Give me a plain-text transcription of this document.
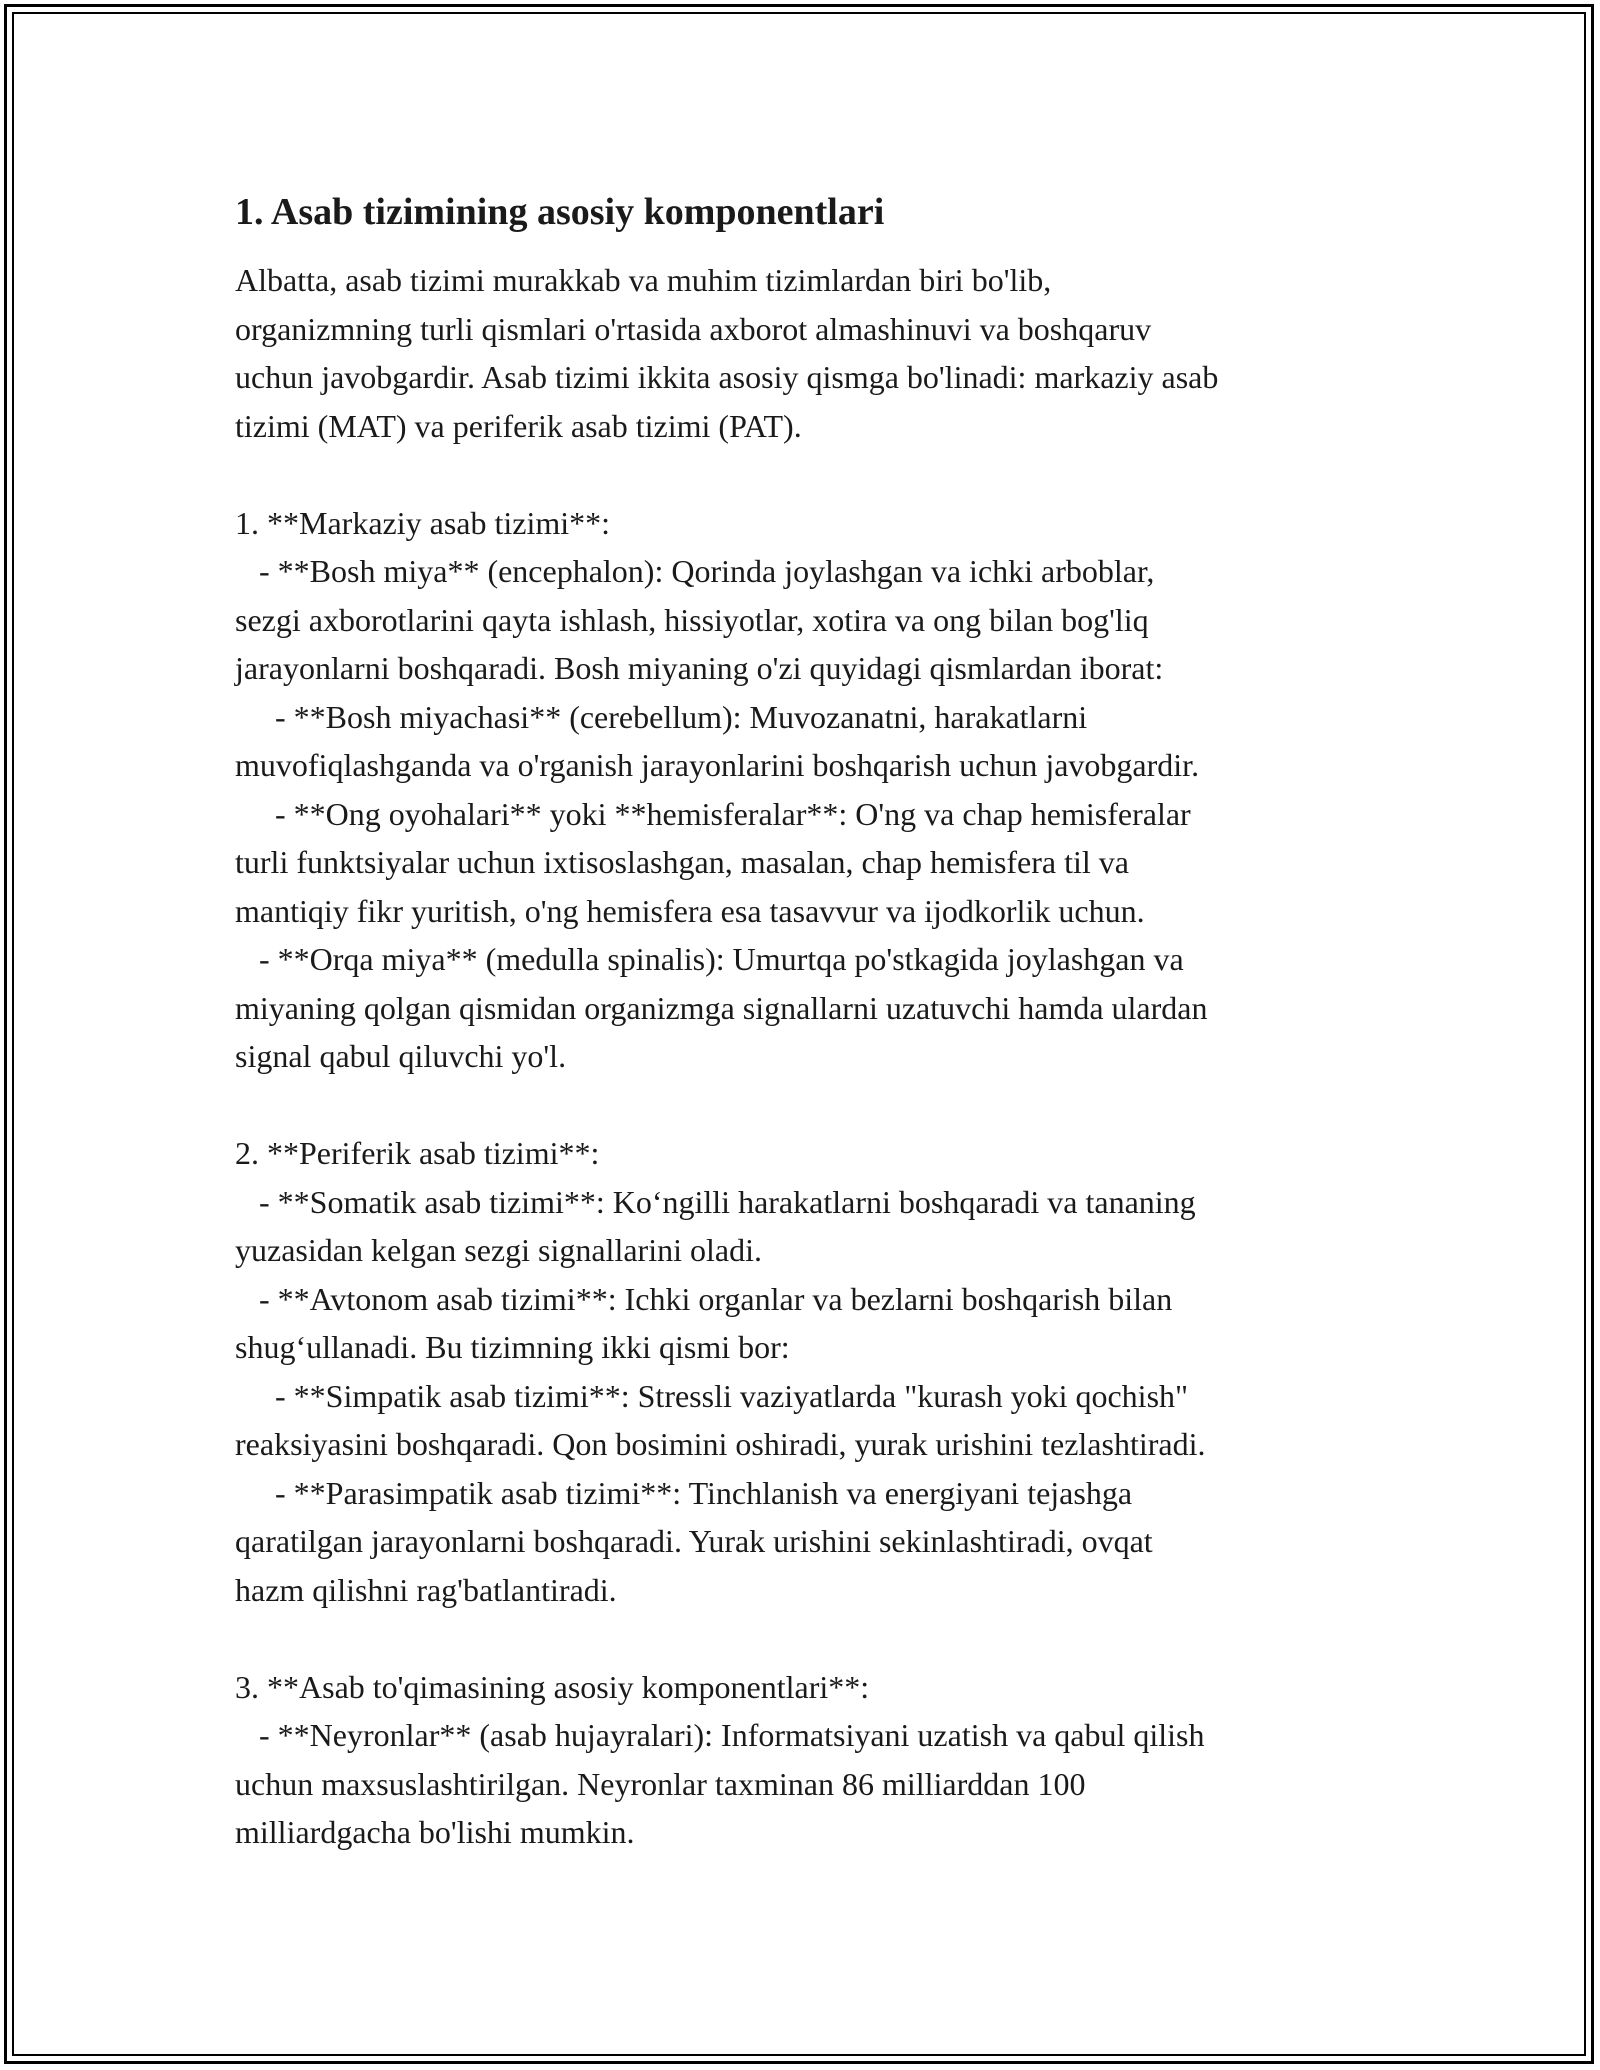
1. Asab tizimining asosiy komponentlari
Albatta, asab tizimi murakkab va muhim tizimlardan biri bo'lib,
organizmning turli qismlari o'rtasida axborot almashinuvi va boshqaruv
uchun javobgardir. Asab tizimi ikkita asosiy qismga bo'linadi: markaziy asab
tizimi (MAT) va periferik asab tizimi (PAT).
1. **Markaziy asab tizimi**:
- **Bosh miya** (encephalon): Qorinda joylashgan va ichki arboblar,
sezgi axborotlarini qayta ishlash, hissiyotlar, xotira va ong bilan bog'liq
jarayonlarni boshqaradi. Bosh miyaning o'zi quyidagi qismlardan iborat:
- **Bosh miyachasi** (cerebellum): Muvozanatni, harakatlarni
muvofiqlashganda va o'rganish jarayonlarini boshqarish uchun javobgardir.
- **Ong oyohalari** yoki **hemisferalar**: O'ng va chap hemisferalar
turli funktsiyalar uchun ixtisoslashgan, masalan, chap hemisfera til va
mantiqiy fikr yuritish, o'ng hemisfera esa tasavvur va ijodkorlik uchun.
- **Orqa miya** (medulla spinalis): Umurtqa po'stkagida joylashgan va
miyaning qolgan qismidan organizmga signallarni uzatuvchi hamda ulardan
signal qabul qiluvchi yo'l.
2. **Periferik asab tizimi**:
- **Somatik asab tizimi**: Ko‘ngilli harakatlarni boshqaradi va tananing
yuzasidan kelgan sezgi signallarini oladi.
- **Avtonom asab tizimi**: Ichki organlar va bezlarni boshqarish bilan
shug‘ullanadi. Bu tizimning ikki qismi bor:
- **Simpatik asab tizimi**: Stressli vaziyatlarda "kurash yoki qochish"
reaksiyasini boshqaradi. Qon bosimini oshiradi, yurak urishini tezlashtiradi.
- **Parasimpatik asab tizimi**: Tinchlanish va energiyani tejashga
qaratilgan jarayonlarni boshqaradi. Yurak urishini sekinlashtiradi, ovqat
hazm qilishni rag'batlantiradi.
3. **Asab to'qimasining asosiy komponentlari**:
- **Neyronlar** (asab hujayralari): Informatsiyani uzatish va qabul qilish
uchun maxsuslashtirilgan. Neyronlar taxminan 86 milliarddan 100
milliardgacha bo'lishi mumkin.
